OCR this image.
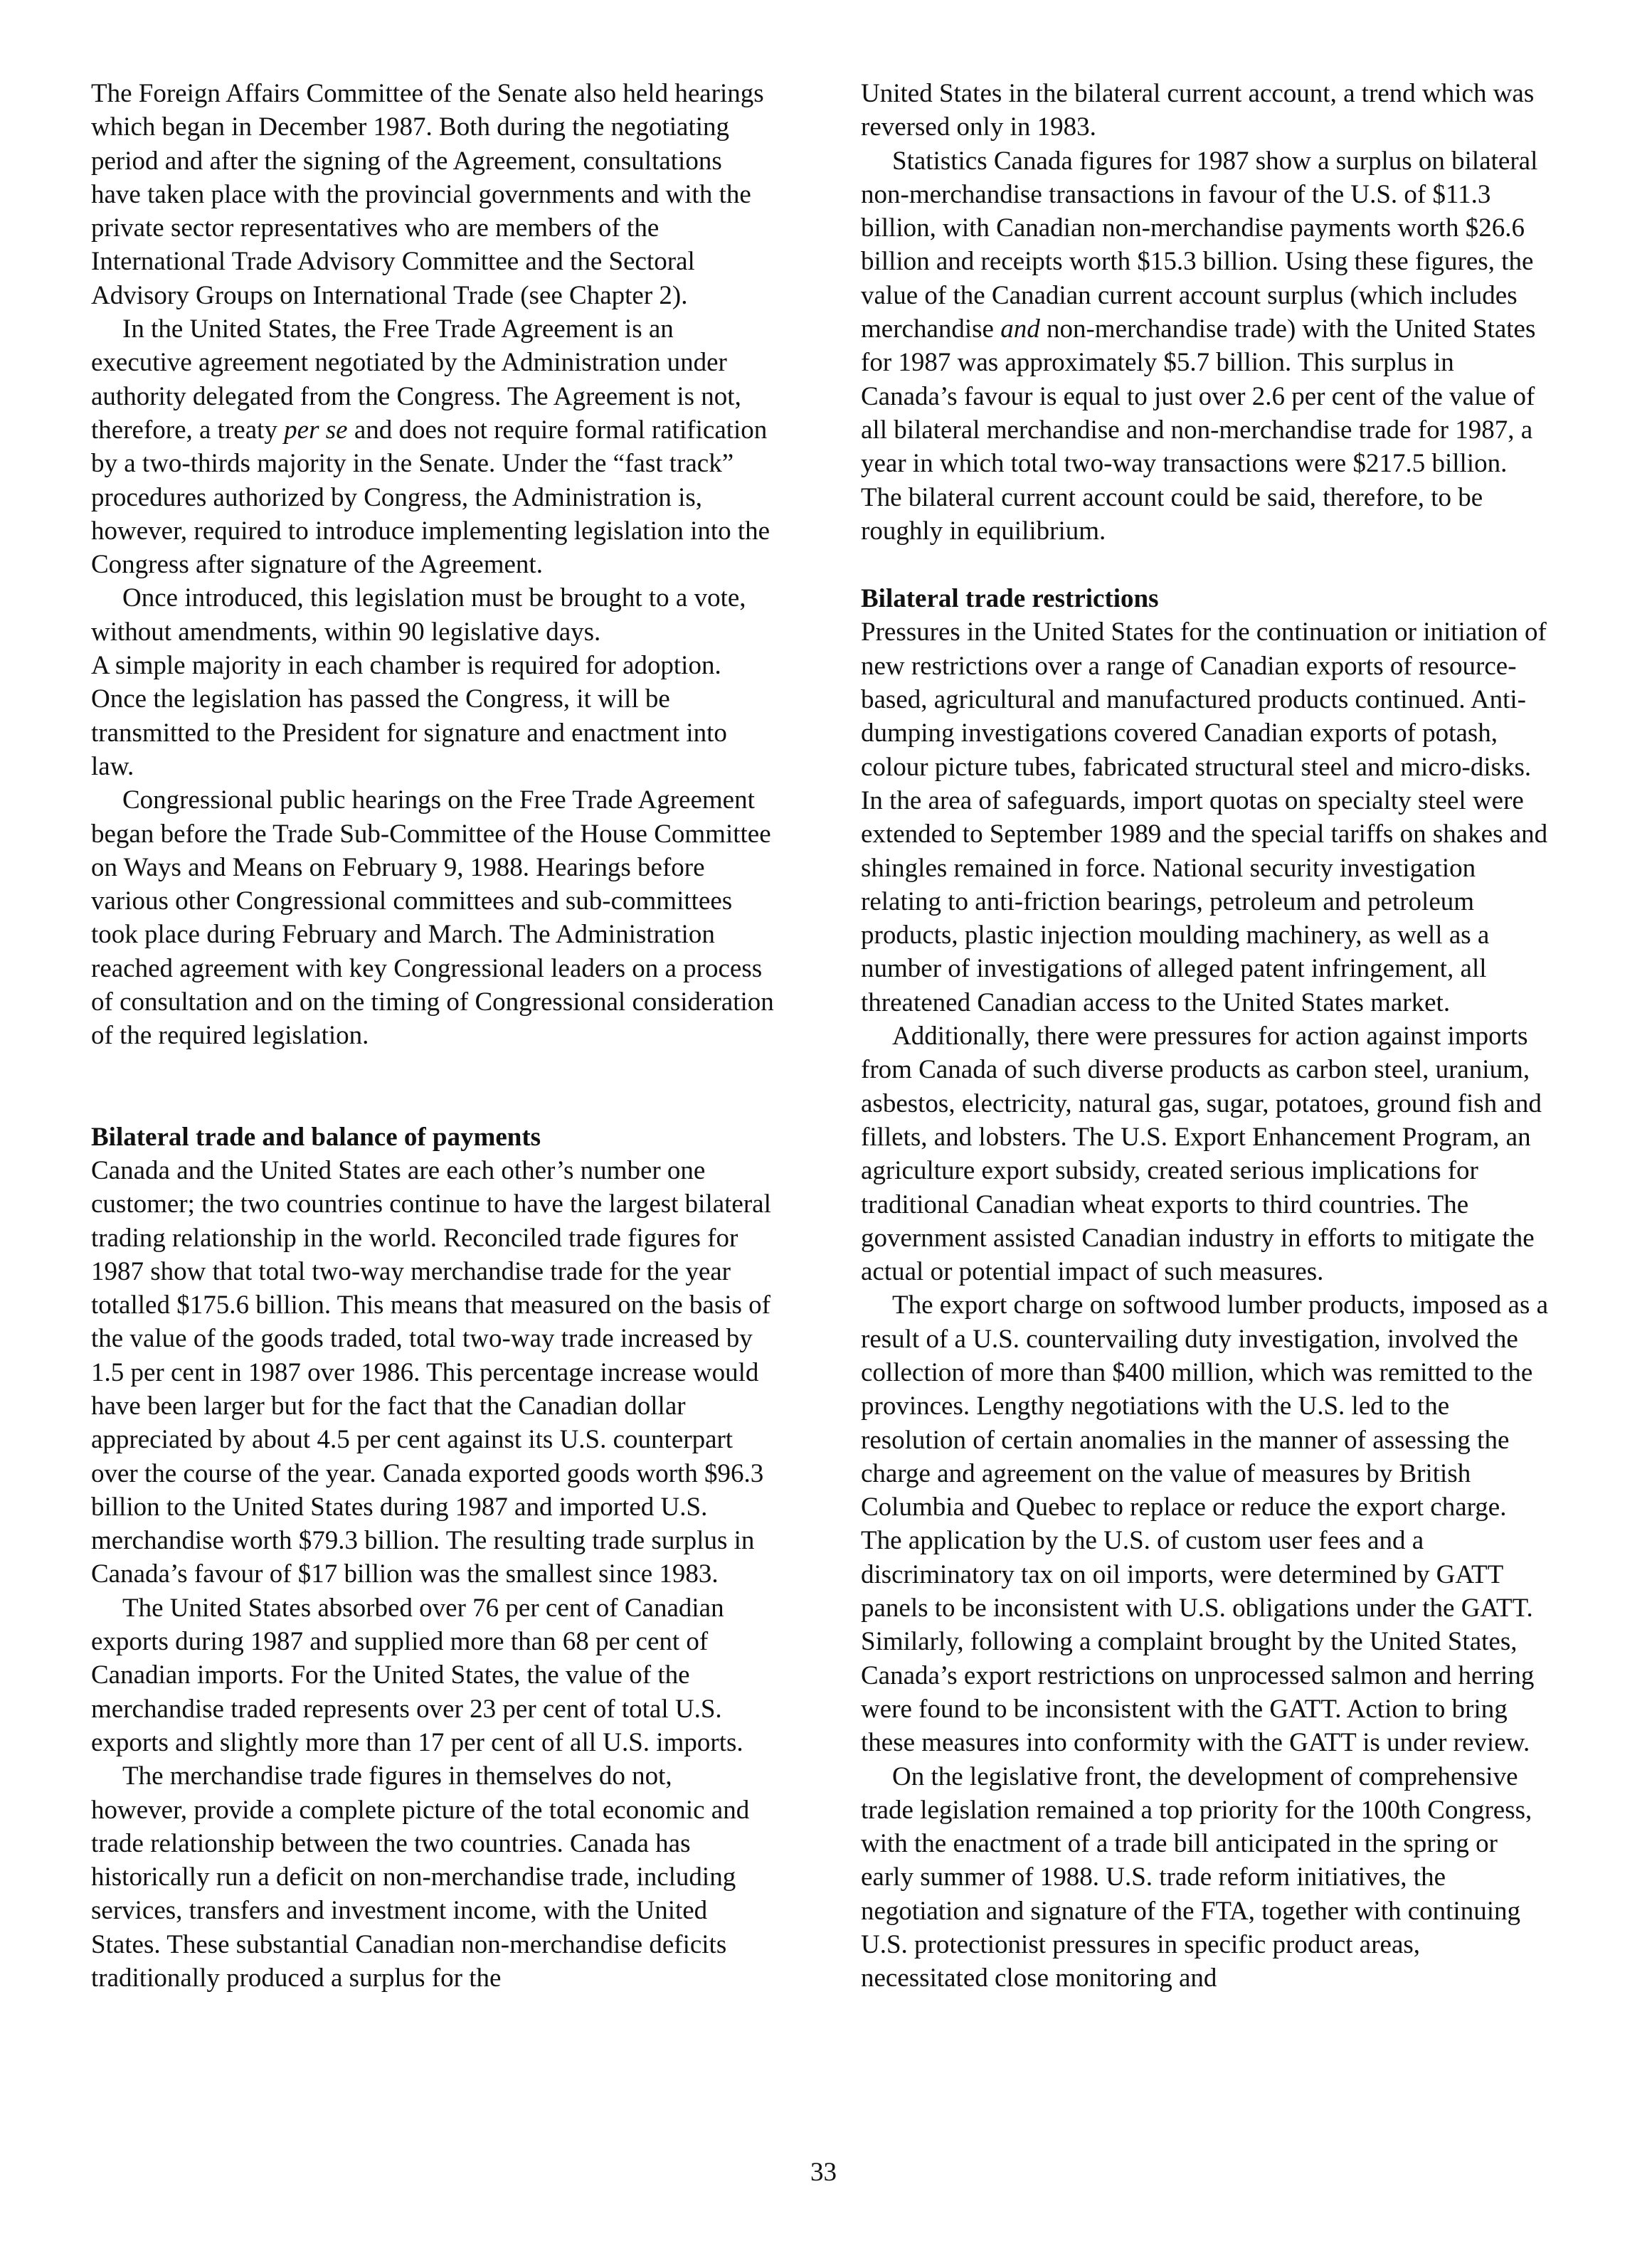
The Foreign Affairs Committee of the Senate also held hearings which began in December 1987. Both during the negotiating period and after the signing of the Agreement, consultations have taken place with the provincial governments and with the private sector representatives who are members of the International Trade Advisory Committee and the Sectoral Advisory Groups on International Trade (see Chapter 2).

In the United States, the Free Trade Agreement is an executive agreement negotiated by the Administration under authority delegated from the Congress. The Agreement is not, therefore, a treaty per se and does not require formal ratification by a two-thirds majority in the Senate. Under the “fast track” procedures authorized by Congress, the Administration is, however, required to introduce implementing legislation into the Congress after signature of the Agreement.

Once introduced, this legislation must be brought to a vote, without amendments, within 90 legislative days.

A simple majority in each chamber is required for adoption. Once the legislation has passed the Congress, it will be transmitted to the President for signature and enactment into law.

Congressional public hearings on the Free Trade Agreement began before the Trade Sub-Committee of the House Committee on Ways and Means on February 9, 1988. Hearings before various other Congressional committees and sub-committees took place during February and March. The Administration reached agreement with key Congressional leaders on a process of consultation and on the timing of Congressional consideration of the required legislation.

Bilateral trade and balance of payments

Canada and the United States are each other’s number one customer; the two countries continue to have the largest bilateral trading relationship in the world. Reconciled trade figures for 1987 show that total two-way merchandise trade for the year totalled $175.6 billion. This means that measured on the basis of the value of the goods traded, total two-way trade increased by 1.5 per cent in 1987 over 1986. This percentage increase would have been larger but for the fact that the Canadian dollar appreciated by about 4.5 per cent against its U.S. counterpart over the course of the year. Canada exported goods worth $96.3 billion to the United States during 1987 and imported U.S. merchandise worth $79.3 billion. The resulting trade surplus in Canada’s favour of $17 billion was the smallest since 1983.

The United States absorbed over 76 per cent of Canadian exports during 1987 and supplied more than 68 per cent of Canadian imports. For the United States, the value of the merchandise traded represents over 23 per cent of total U.S. exports and slightly more than 17 per cent of all U.S. imports.

The merchandise trade figures in themselves do not, however, provide a complete picture of the total economic and trade relationship between the two countries. Canada has historically run a deficit on non-merchandise trade, including services, transfers and investment income, with the United States. These substantial Canadian non-merchandise deficits traditionally produced a surplus for the

United States in the bilateral current account, a trend which was reversed only in 1983.

Statistics Canada figures for 1987 show a surplus on bilateral non-merchandise transactions in favour of the U.S. of $11.3 billion, with Canadian non-merchandise payments worth $26.6 billion and receipts worth $15.3 billion. Using these figures, the value of the Canadian current account surplus (which includes merchandise and non-merchandise trade) with the United States for 1987 was approximately $5.7 billion. This surplus in Canada’s favour is equal to just over 2.6 per cent of the value of all bilateral merchandise and non-merchandise trade for 1987, a year in which total two-way transactions were $217.5 billion. The bilateral current account could be said, therefore, to be roughly in equilibrium.

Bilateral trade restrictions

Pressures in the United States for the continuation or initiation of new restrictions over a range of Canadian exports of resource-based, agricultural and manufactured products continued. Anti-dumping investigations covered Canadian exports of potash, colour picture tubes, fabricated structural steel and micro-disks. In the area of safeguards, import quotas on specialty steel were extended to September 1989 and the special tariffs on shakes and shingles remained in force. National security investigation relating to anti-friction bearings, petroleum and petroleum products, plastic injection moulding machinery, as well as a number of investigations of alleged patent infringement, all threatened Canadian access to the United States market.

Additionally, there were pressures for action against imports from Canada of such diverse products as carbon steel, uranium, asbestos, electricity, natural gas, sugar, potatoes, ground fish and fillets, and lobsters. The U.S. Export Enhancement Program, an agriculture export subsidy, created serious implications for traditional Canadian wheat exports to third countries. The government assisted Canadian industry in efforts to mitigate the actual or potential impact of such measures.

The export charge on softwood lumber products, imposed as a result of a U.S. countervailing duty investigation, involved the collection of more than $400 million, which was remitted to the provinces. Lengthy negotiations with the U.S. led to the resolution of certain anomalies in the manner of assessing the charge and agreement on the value of measures by British Columbia and Quebec to replace or reduce the export charge. The application by the U.S. of custom user fees and a discriminatory tax on oil imports, were determined by GATT panels to be inconsistent with U.S. obligations under the GATT. Similarly, following a complaint brought by the United States, Canada’s export restrictions on unprocessed salmon and herring were found to be inconsistent with the GATT. Action to bring these measures into conformity with the GATT is under review.

On the legislative front, the development of comprehensive trade legislation remained a top priority for the 100th Congress, with the enactment of a trade bill anticipated in the spring or early summer of 1988. U.S. trade reform initiatives, the negotiation and signature of the FTA, together with continuing U.S. protectionist pressures in specific product areas, necessitated close monitoring and

33
